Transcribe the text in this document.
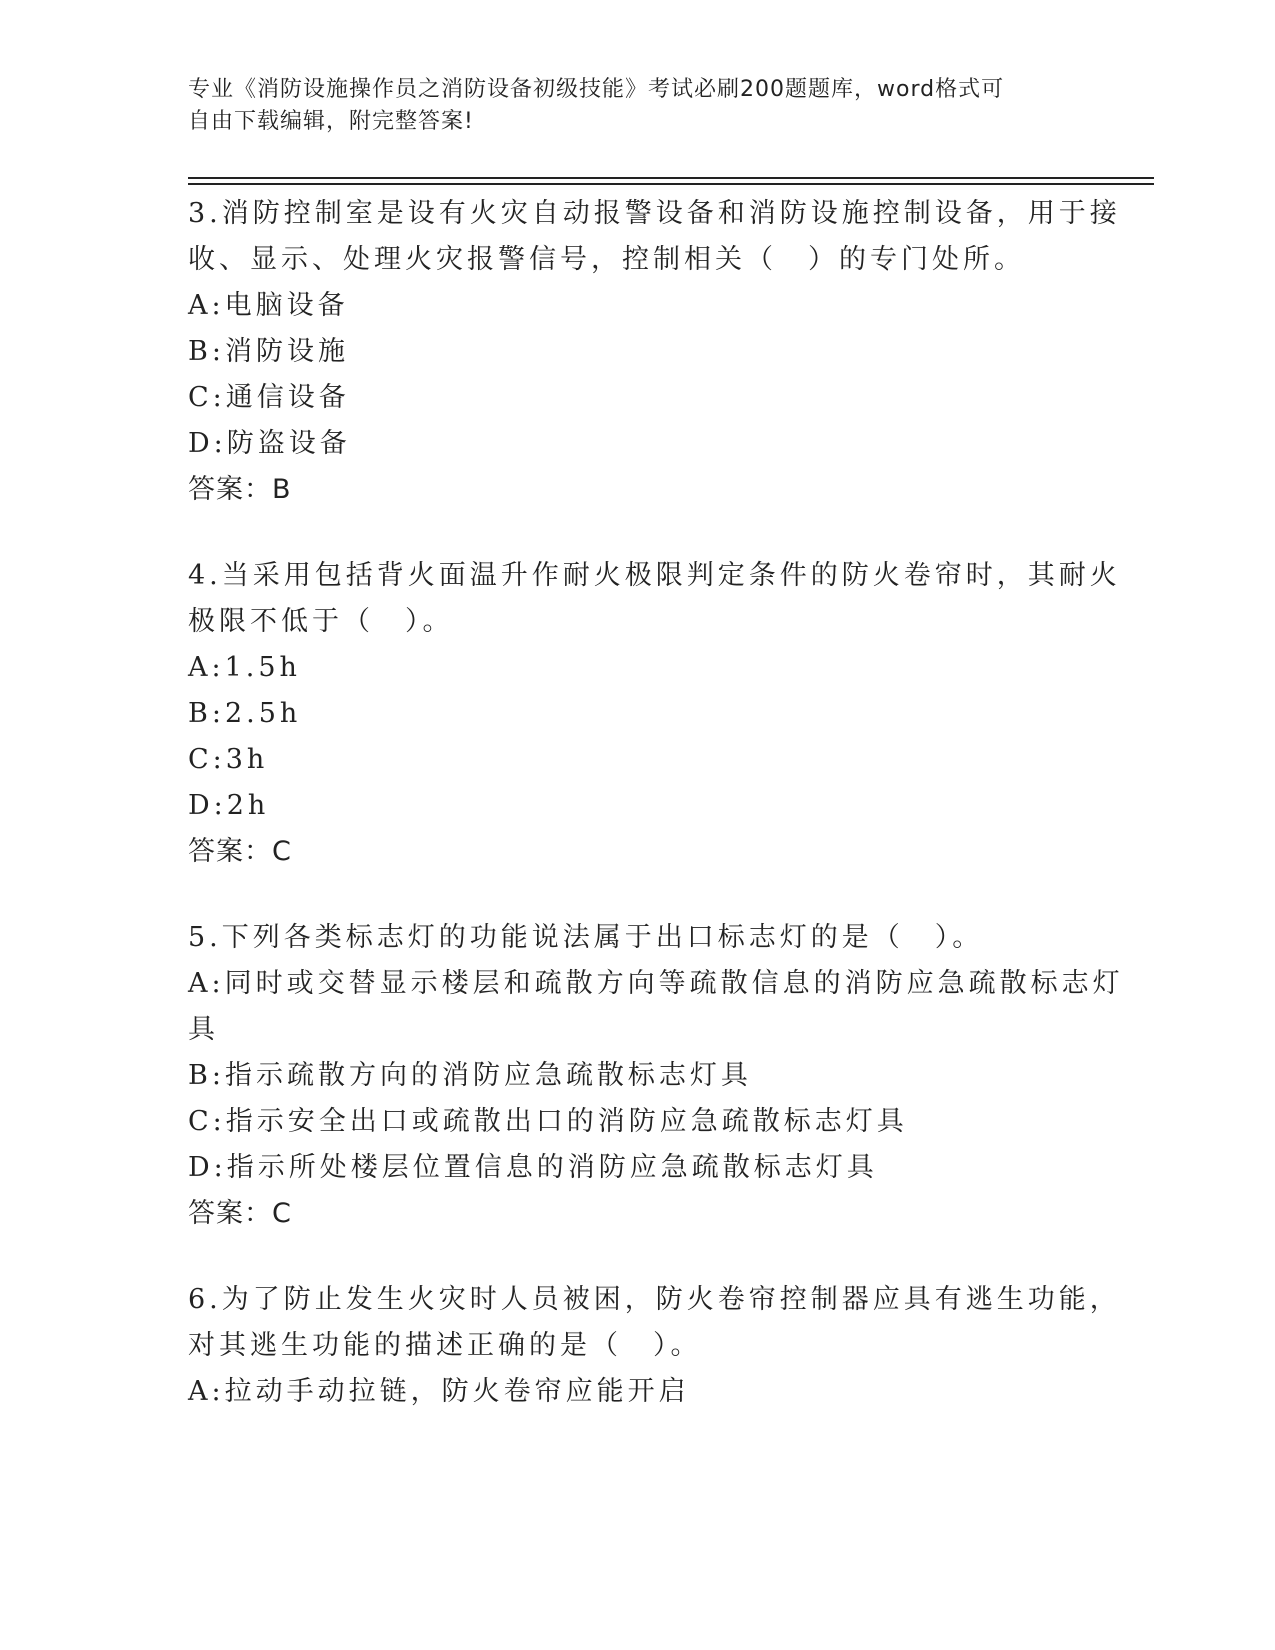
专业《消防设施操作员之消防设备初级技能》考试必刷200题题库，word格式可
自由下载编辑，附完整答案!
3.消防控制室是设有火灾自动报警设备和消防设施控制设备，用于接
收、显示、处理火灾报警信号，控制相关（　）的专门处所。
A:电脑设备
B:消防设施
C:通信设备
D:防盗设备
答案：B
4.当采用包括背火面温升作耐火极限判定条件的防火卷帘时，其耐火
极限不低于（　）。
A:1.5h
B:2.5h
C:3h
D:2h
答案：C
5.下列各类标志灯的功能说法属于出口标志灯的是（　）。
A:同时或交替显示楼层和疏散方向等疏散信息的消防应急疏散标志灯
具
B:指示疏散方向的消防应急疏散标志灯具
C:指示安全出口或疏散出口的消防应急疏散标志灯具
D:指示所处楼层位置信息的消防应急疏散标志灯具
答案：C
6.为了防止发生火灾时人员被困，防火卷帘控制器应具有逃生功能，
对其逃生功能的描述正确的是（　）。
A:拉动手动拉链，防火卷帘应能开启
